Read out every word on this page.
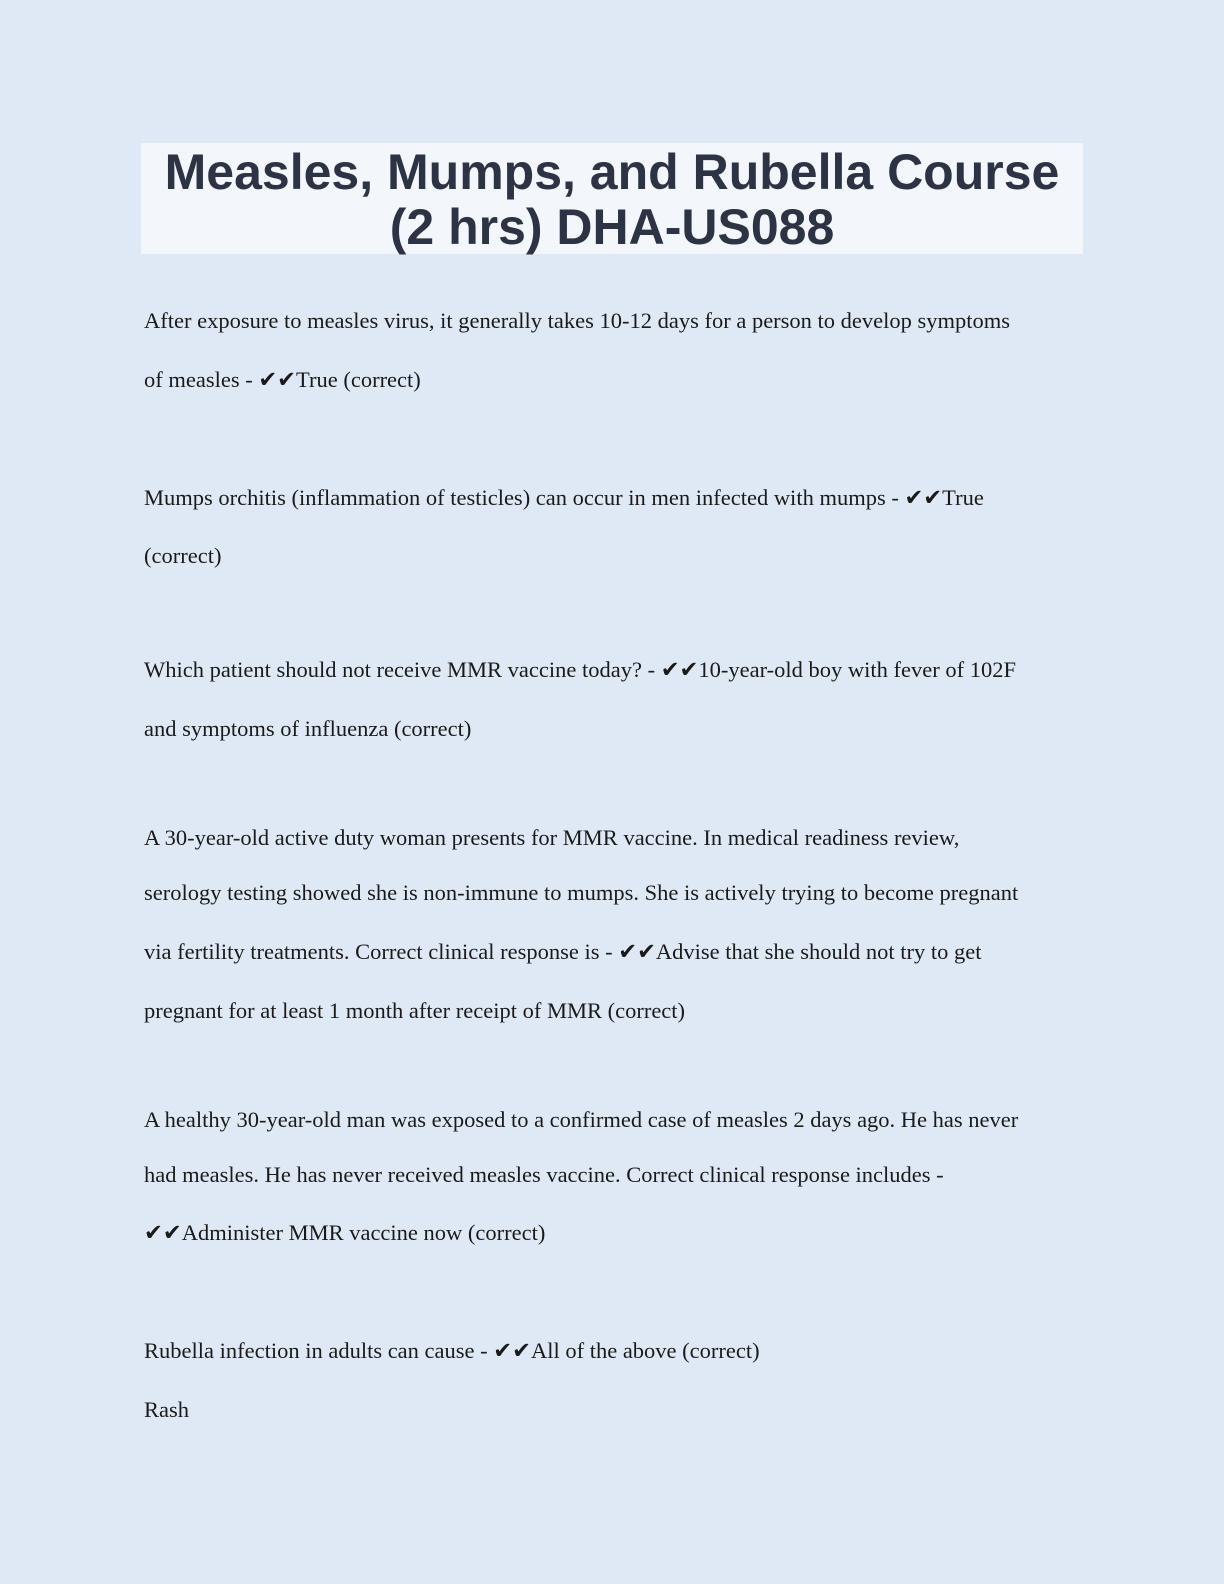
Measles, Mumps, and Rubella Course
(2 hrs) DHA-US088
After exposure to measles virus, it generally takes 10-12 days for a person to develop symptoms
of measles - ✔✔True (correct)
Mumps orchitis (inflammation of testicles) can occur in men infected with mumps - ✔✔True
(correct)
Which patient should not receive MMR vaccine today? - ✔✔10-year-old boy with fever of 102F
and symptoms of influenza (correct)
A 30-year-old active duty woman presents for MMR vaccine. In medical readiness review,
serology testing showed she is non-immune to mumps. She is actively trying to become pregnant
via fertility treatments. Correct clinical response is - ✔✔Advise that she should not try to get
pregnant for at least 1 month after receipt of MMR (correct)
A healthy 30-year-old man was exposed to a confirmed case of measles 2 days ago. He has never
had measles. He has never received measles vaccine. Correct clinical response includes -
✔✔Administer MMR vaccine now (correct)
Rubella infection in adults can cause - ✔✔All of the above (correct)
Rash
